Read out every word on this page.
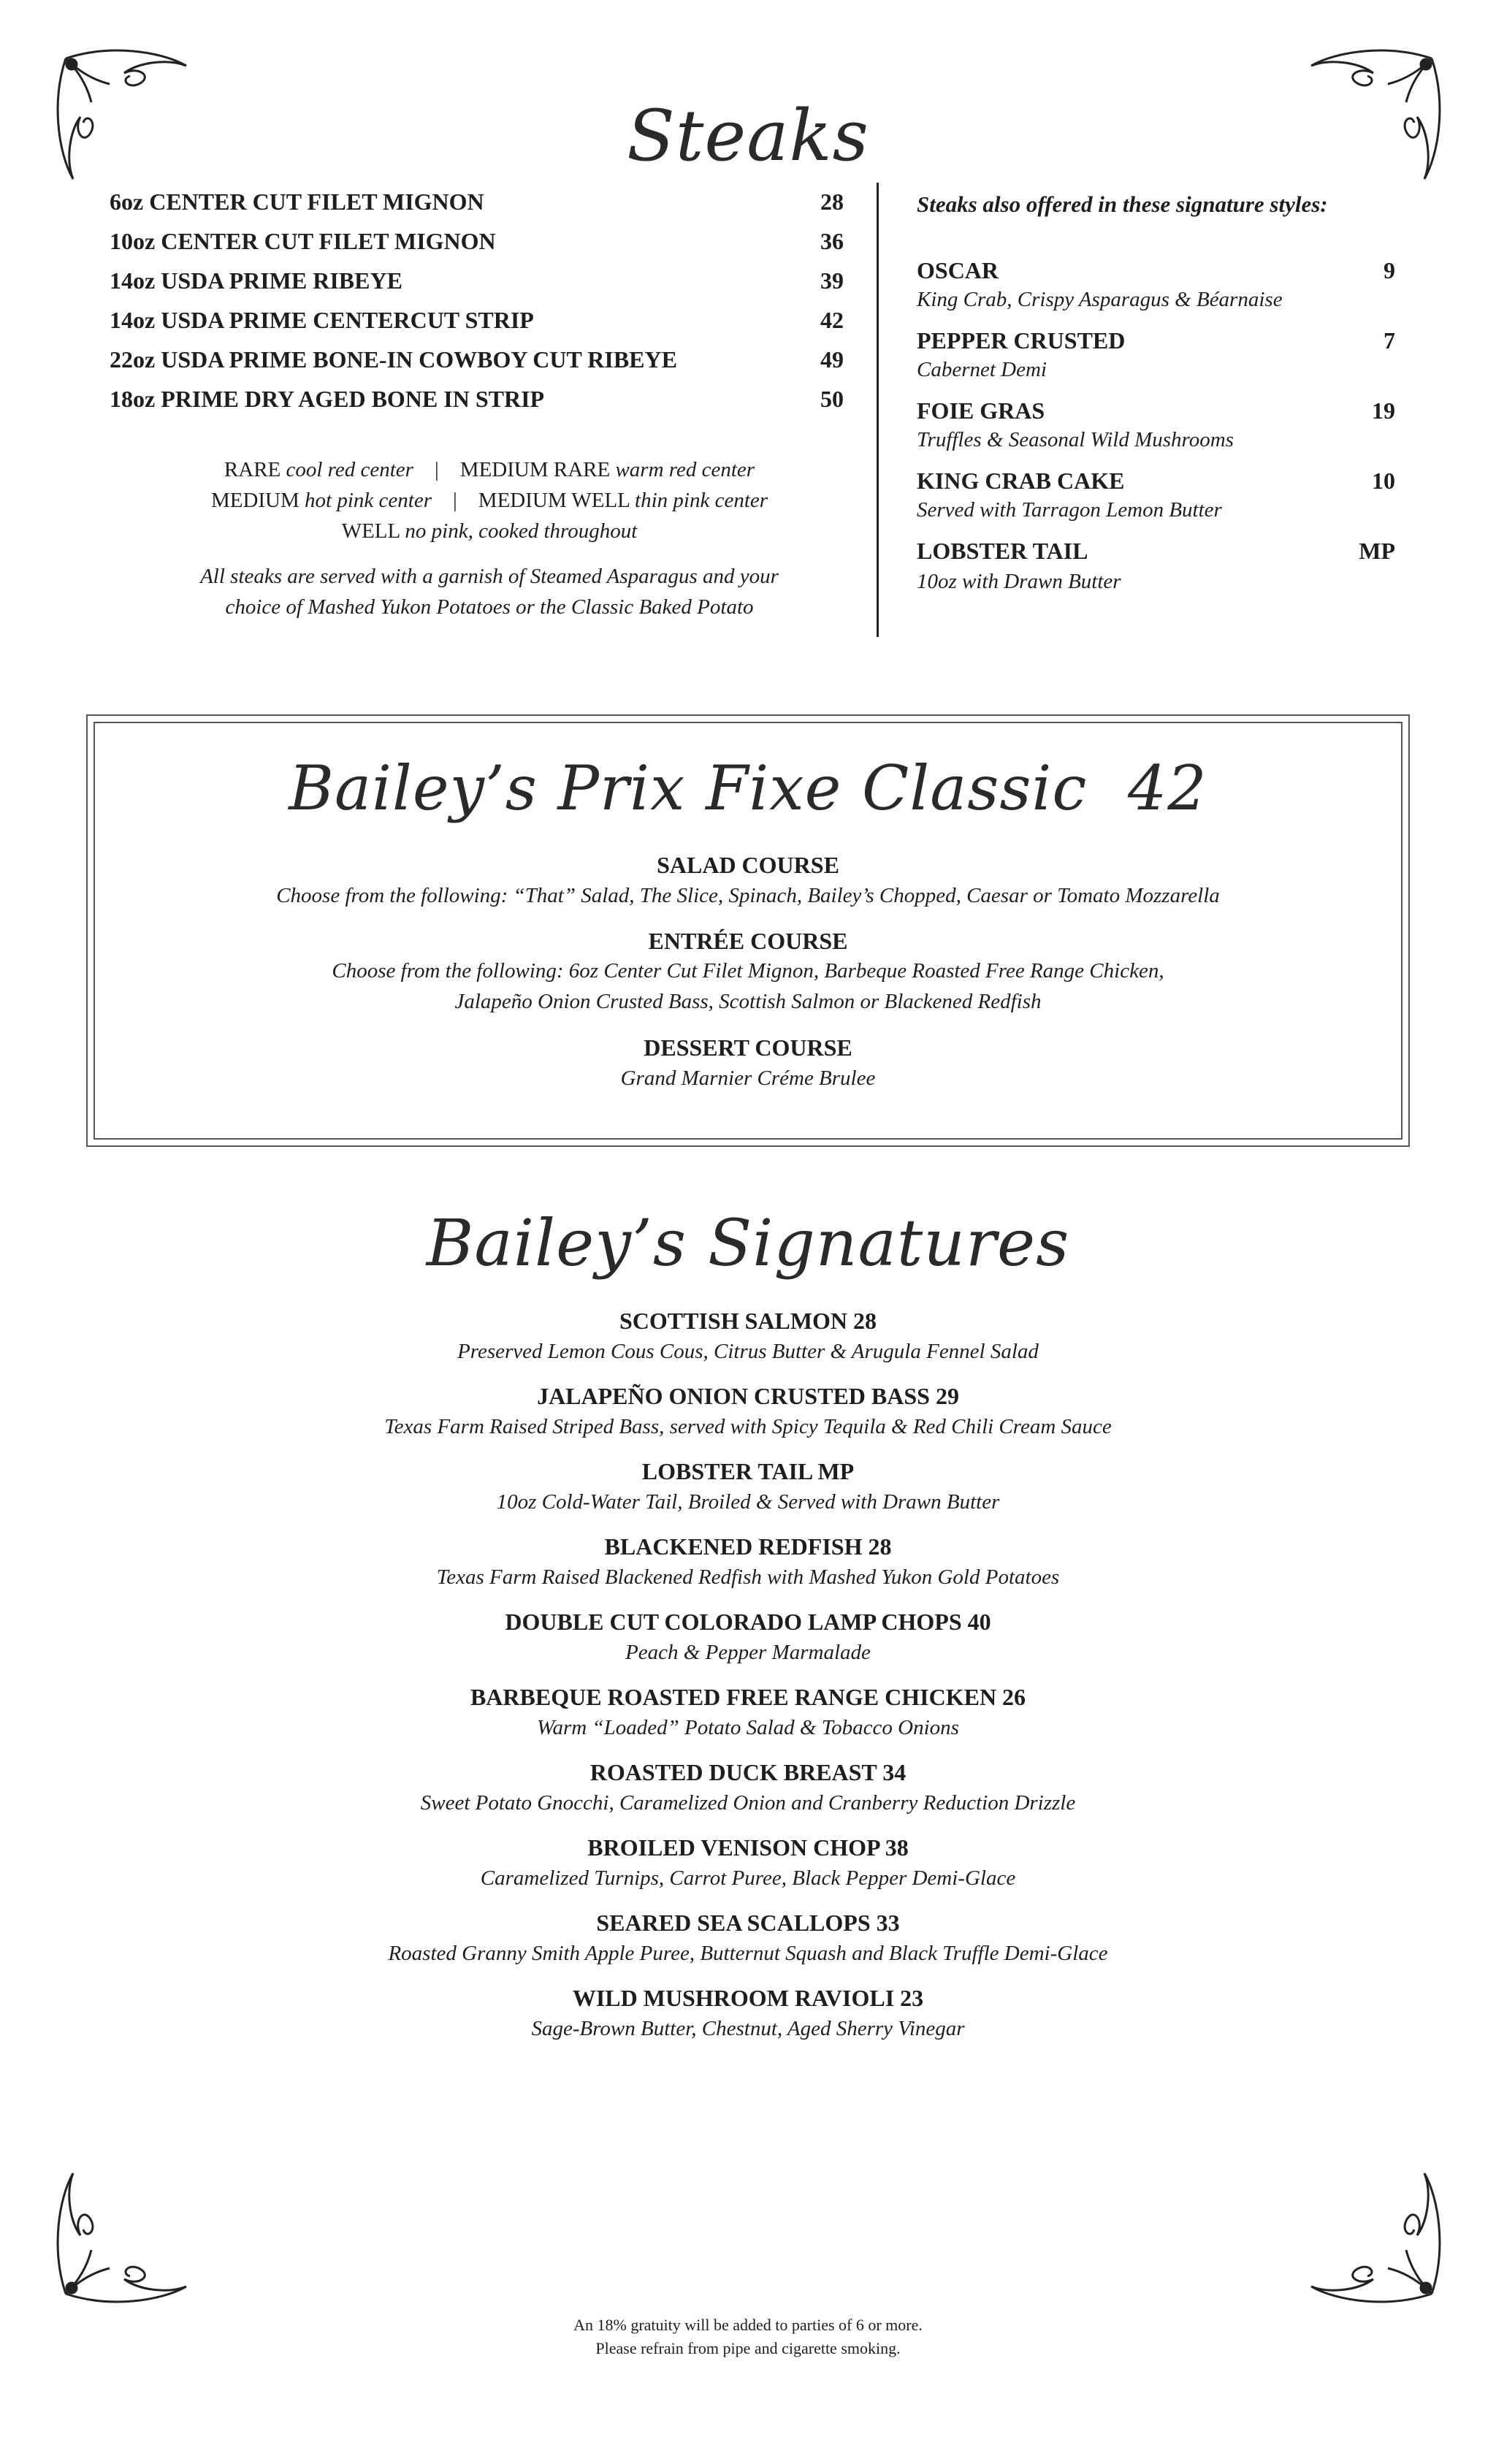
Steaks
6oz CENTER CUT FILET MIGNON	28
10oz CENTER CUT FILET MIGNON	36
14oz USDA PRIME RIBEYE	39
14oz USDA PRIME CENTERCUT STRIP	42
22oz USDA PRIME BONE-IN COWBOY CUT RIBEYE	49
18oz PRIME DRY AGED BONE IN STRIP	50
RARE cool red center | MEDIUM RARE warm red center
MEDIUM hot pink center | MEDIUM WELL thin pink center
WELL no pink, cooked throughout
All steaks are served with a garnish of Steamed Asparagus and your
choice of Mashed Yukon Potatoes or the Classic Baked Potato
Steaks also offered in these signature styles:
OSCAR	9
King Crab, Crispy Asparagus & Béarnaise
PEPPER CRUSTED	7
Cabernet Demi
FOIE GRAS	19
Truffles & Seasonal Wild Mushrooms
KING CRAB CAKE	10
Served with Tarragon Lemon Butter
LOBSTER TAIL	MP
10oz with Drawn Butter
Bailey’s Prix Fixe Classic 42
SALAD COURSE
Choose from the following: “That” Salad, The Slice, Spinach, Bailey’s Chopped, Caesar or Tomato Mozzarella
ENTRÉE COURSE
Choose from the following: 6oz Center Cut Filet Mignon, Barbeque Roasted Free Range Chicken,
Jalapeño Onion Crusted Bass, Scottish Salmon or Blackened Redfish
DESSERT COURSE
Grand Marnier Créme Brulee
Bailey’s Signatures
SCOTTISH SALMON 28
Preserved Lemon Cous Cous, Citrus Butter & Arugula Fennel Salad
JALAPEÑO ONION CRUSTED BASS 29
Texas Farm Raised Striped Bass, served with Spicy Tequila & Red Chili Cream Sauce
LOBSTER TAIL MP
10oz Cold-Water Tail, Broiled & Served with Drawn Butter
BLACKENED REDFISH 28
Texas Farm Raised Blackened Redfish with Mashed Yukon Gold Potatoes
DOUBLE CUT COLORADO LAMP CHOPS 40
Peach & Pepper Marmalade
BARBEQUE ROASTED FREE RANGE CHICKEN 26
Warm “Loaded” Potato Salad & Tobacco Onions
ROASTED DUCK BREAST 34
Sweet Potato Gnocchi, Caramelized Onion and Cranberry Reduction Drizzle
BROILED VENISON CHOP 38
Caramelized Turnips, Carrot Puree, Black Pepper Demi-Glace
SEARED SEA SCALLOPS 33
Roasted Granny Smith Apple Puree, Butternut Squash and Black Truffle Demi-Glace
WILD MUSHROOM RAVIOLI 23
Sage-Brown Butter, Chestnut, Aged Sherry Vinegar
An 18% gratuity will be added to parties of 6 or more.
Please refrain from pipe and cigarette smoking.
